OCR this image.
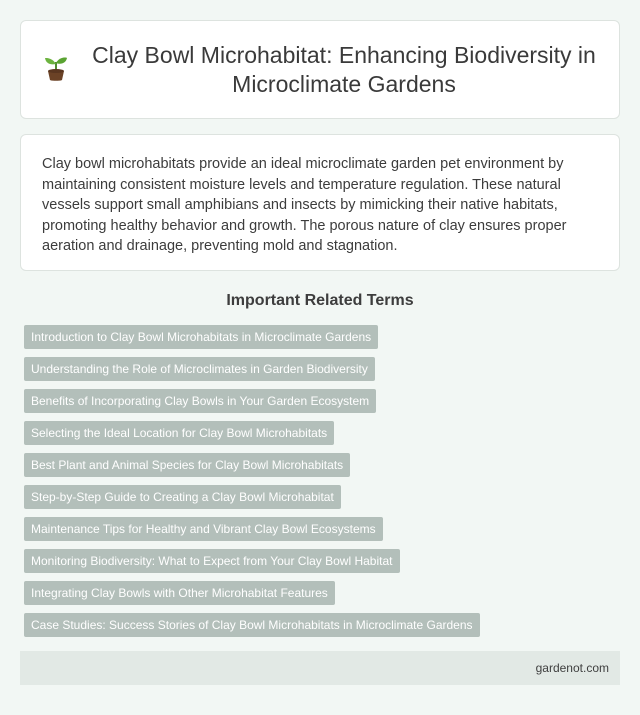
Clay Bowl Microhabitat: Enhancing Biodiversity in Microclimate Gardens

Clay bowl microhabitats provide an ideal microclimate garden pet environment by maintaining consistent moisture levels and temperature regulation. These natural vessels support small amphibians and insects by mimicking their native habitats, promoting healthy behavior and growth. The porous nature of clay ensures proper aeration and drainage, preventing mold and stagnation.

Important Related Terms
Introduction to Clay Bowl Microhabitats in Microclimate Gardens
Understanding the Role of Microclimates in Garden Biodiversity
Benefits of Incorporating Clay Bowls in Your Garden Ecosystem
Selecting the Ideal Location for Clay Bowl Microhabitats
Best Plant and Animal Species for Clay Bowl Microhabitats
Step-by-Step Guide to Creating a Clay Bowl Microhabitat
Maintenance Tips for Healthy and Vibrant Clay Bowl Ecosystems
Monitoring Biodiversity: What to Expect from Your Clay Bowl Habitat
Integrating Clay Bowls with Other Microhabitat Features
Case Studies: Success Stories of Clay Bowl Microhabitats in Microclimate Gardens
gardenot.com
